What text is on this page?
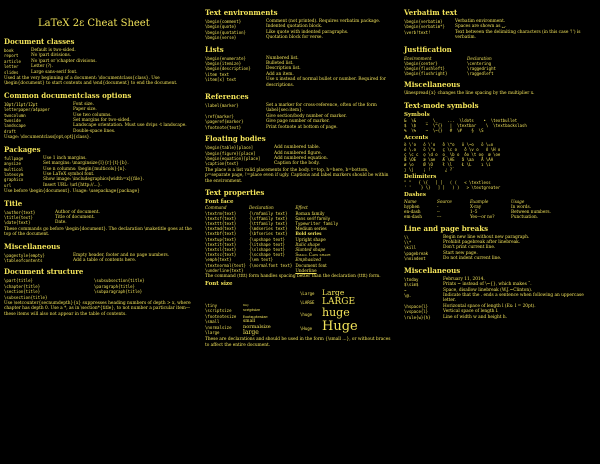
LaTeX 2ε Cheat Sheet
Document classes
book	Default is two-sided.
report	No \part divisions.
article	No \part or \chapter divisions.
letter	Letter (?).
slides	Large sans-serif font.
Used at the very beginning of a document: \documentclass{class}. Use \begin{document} to start contents and \end{document} to end the document.
Common documentclass options
10pt/11pt/12pt	Font size.
letterpaper/a4paper	Paper size.
twocolumn	Use two columns.
twoside	Set margins for two-sided.
landscape	Landscape orientation. Must use dvips -t landscape.
draft	Double-space lines.
Usage: \documentclass[opt,opt]{class}.
Packages
fullpage	Use 1 inch margins.
anysize	Set margins: \marginsize{l}{r}{t}{b}.
multicol	Use n columns: \begin{multicols}{n}.
latexsym	Use LaTeX symbol font.
graphicx	Show image: \includegraphics[width=x]{file}.
url	Insert URL: \url{http://...}.
Use before \begin{document}. Usage: \usepackage{package}
Title
\author{text}	Author of document.
\title{text}	Title of document.
\date{text}	Date.
These commands go before \begin{document}. The declaration \maketitle goes at the top of the document.
Miscellaneous
\pagestyle{empty}	Empty header, footer and no page numbers.
\tableofcontents	Add a table of contents here.
Document structure
\part{title}
\chapter{title}
\section{title}
\subsection{title}
\subsubsection{title}
\paragraph{title}
\subparagraph{title}
Use \setcounter{secnumdepth}{x} suppresses heading numbers of depth > x, where chapter has depth 0. Use a *, as in \section*{title}, to not number a particular item—these items will also not appear in the table of contents.
Text environments
\begin{comment}	Comment (not printed). Requires verbatim package.
\begin{quote}	Indented quotation block.
\begin{quotation}	Like quote with indented paragraphs.
\begin{verse}	Quotation block for verse.
Lists
\begin{enumerate}	Numbered list.
\begin{itemize}	Bulleted list.
\begin{description}	Description list.
\item text	Add an item.
\item[x] text	Use x instead of normal bullet or number. Required for descriptions.
References
\label{marker}	Set a marker for cross-reference, often of the form \label{sec:item}.
\ref{marker}	Give section/body number of marker.
\pageref{marker}	Give page number of marker.
\footnote{text}	Print footnote at bottom of page.
Floating bodies
\begin{table}[place]	Add numbered table.
\begin{figure}[place]	Add numbered figure.
\begin{equation}[place]	Add numbered equation.
\caption{text}	Caption for the body.
The place is a list valid placements for the body. t=top, h=here, b=bottom, p=separate page, !=place even if ugly. Captions and label markers should be within the environment.
Text properties
Font face
Command	Declaration	Effect
\textrm{text}	{\rmfamily text}	Roman family
\textsf{text}	{\sffamily text}	Sans serif family
\texttt{text}	{\ttfamily text}	Typewriter family
\textmd{text}	{\mdseries text}	Medium series
\textbf{text}	{\bfseries text}	Bold series
\textup{text}	{\upshape text}	Upright shape
\textit{text}	{\itshape text}	Italic shape
\textsl{text}	{\slshape text}	Slanted shape
\textsc{text}	{\scshape text}	Small Caps shape
\emph{text}	{\em text}	Emphasized
\textnormal{text}	{\normalfont text}	Document font
\underline{text}		Underline
The command (tttt) form handles spacing better than the declaration (tttt) form.
Font size
\tiny	tiny
\scriptsize	scriptsize
\footnotesize	footnotesize
\small	small
\normalsize	normalsize
\large	large
\Large	Large
\LARGE LARGE
\huge huge
\Huge Huge
These are declarations and should be used in the form {\small ...}, or without braces to affect the entire document.
Verbatim text
\begin{verbatim}	Verbatim environment.
\begin{verbatim*}	Spaces are shown as ␣.
\verb!text!	Text between the delimiting characters (in this case '!') is verbatim.
Justification
Environment	Declaration
\begin{center}	\centering
\begin{flushleft}	\raggedright
\begin{flushright}	\raggedleft
Miscellaneous
\linespread{x} changes the line spacing by the multiplier x.
Text-mode symbols
Symbols
&  \&    _  \_    ...  \ldots    •  \textbullet
$  \$    ^  \^{}   |  \textbar    \  \textbackslash
%  \%    ~  \~{}   #  \#    §  \S
Accents
ò \'o   ó \'o   ô \^o   õ \~o   ō \=o
ȯ \.o   ö \"o   ç \c o   ǒ \v o   ő \H o
ç \c c  ọ \d o  o̲ \b o  ôo \t oo  œ \oe
Œ \OE   æ \ae   Æ \AE   å \aa   Å \AA
ø \o    Ø \O    ł \l    Ł \L    ı \i
ȷ \j    ¡ !`     ¿ ?`
Delimiters
" "   { \{   [ [   ( (   < \textless
' '    } \}   ] ]   ) )   > \textgreater
Dashes
Name	Source	Example	Usage
hyphen	-	X-ray	In words.
en-dash	--	1–5	Between numbers.
em-dash	---	Yes—or no?	Punctuation.
Line and page breaks
\\	Begin new line without new paragraph.
\\*	Prohibit pagebreak after linebreak.
\kill	Don't print current line.
\pagebreak	Start new page.
\noindent	Do not indent current line.
Miscellaneous
\today	February 11, 2014.
$\sim$	Prints ~ instead of \~{}, which makes ˜.
~	Space, disallow linebreak (W.J.~Clinton).
\@.	Indicate that the . ends a sentence when following an uppercase letter.
\hspace{l}	Horizontal space of length l (Ex: l = 20pt).
\vspace{l}	Vertical space of length l.
\rule{w}{h}	Line of width w and height h.
